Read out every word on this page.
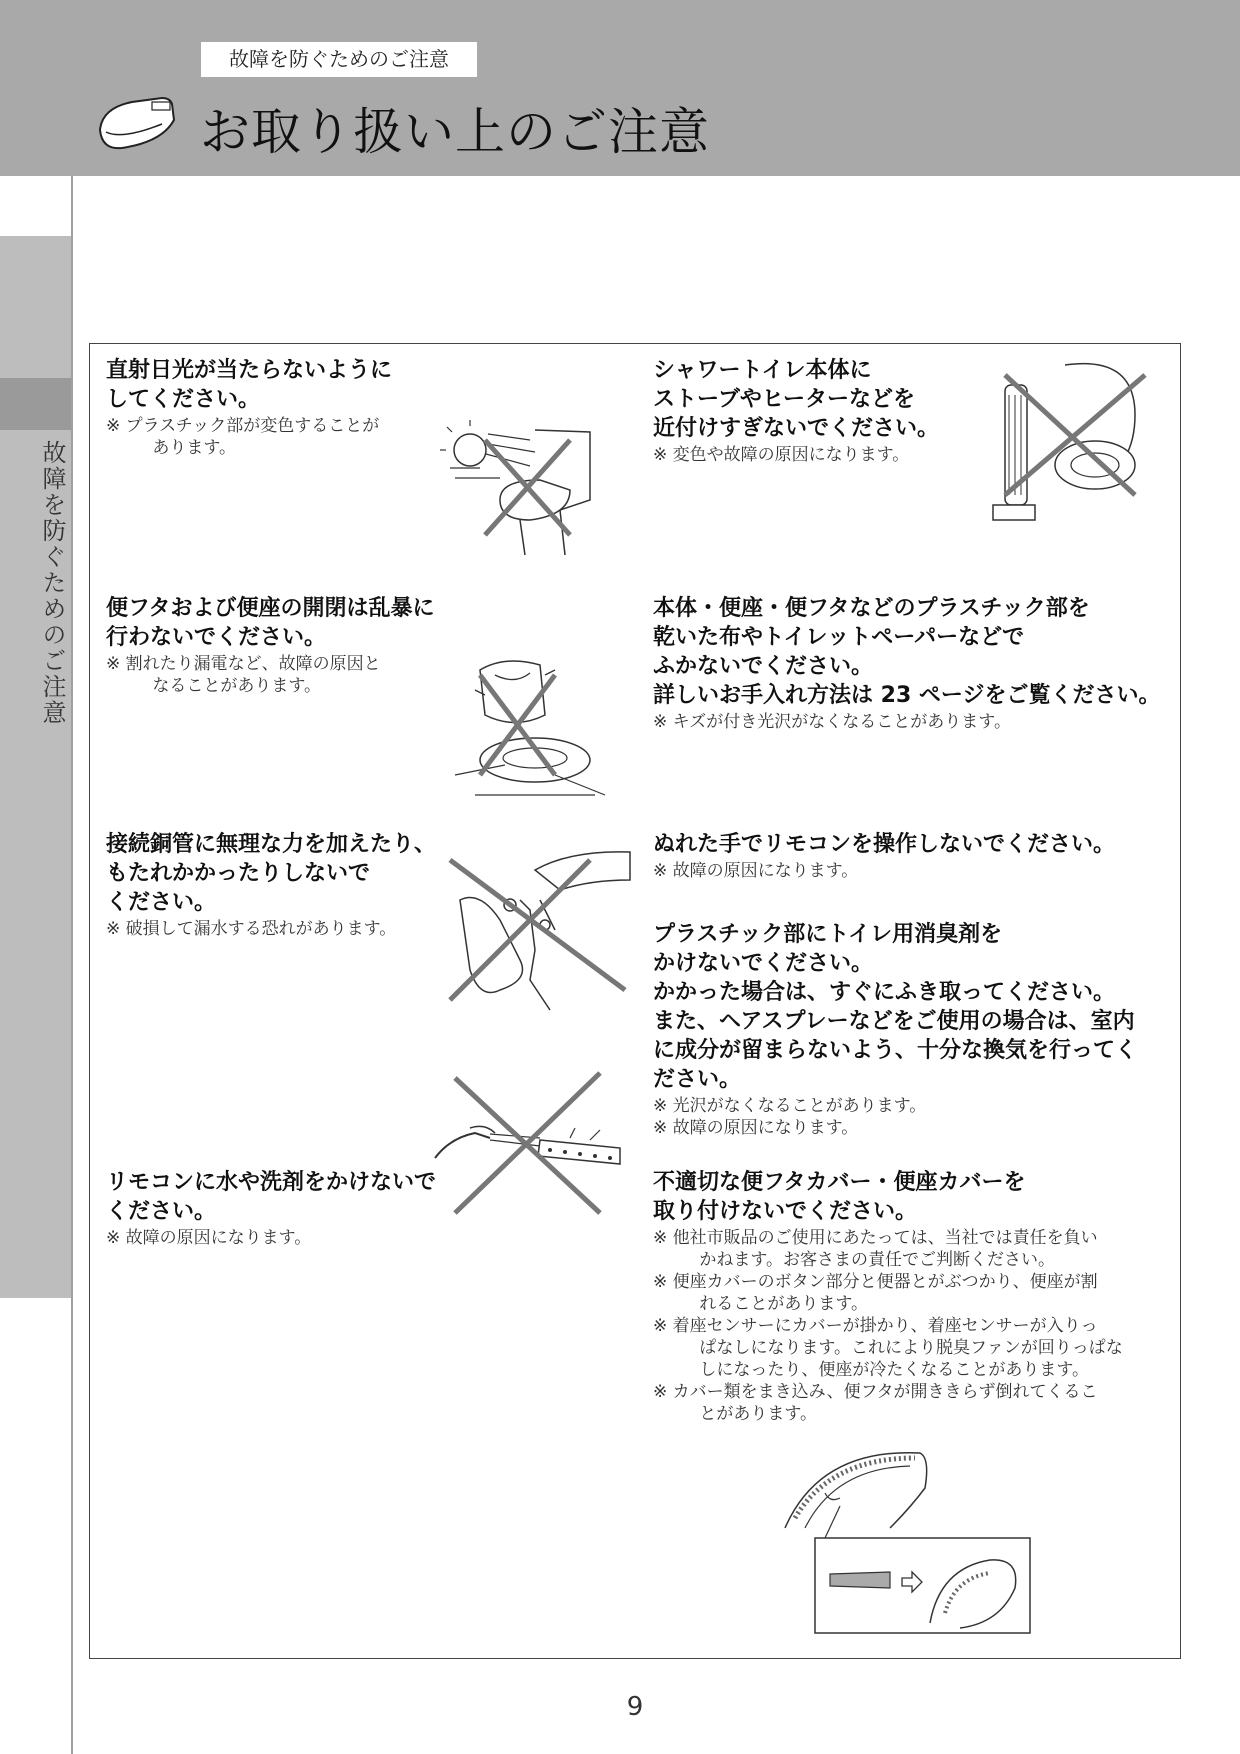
故障を防ぐためのご注意
お取り扱い上のご注意
故障を防ぐためのご注意
直射日光が当たらないように
してください。
※ プラスチック部が変色することが
　 あります。
便フタおよび便座の開閉は乱暴に
行わないでください。
※ 割れたり漏電など、故障の原因と
　 なることがあります。
接続銅管に無理な力を加えたり、
もたれかかったりしないで
ください。
※ 破損して漏水する恐れがあります。
リモコンに水や洗剤をかけないで
ください。
※ 故障の原因になります。
シャワートイレ本体に
ストーブやヒーターなどを
近付けすぎないでください。
※ 変色や故障の原因になります。
本体・便座・便フタなどのプラスチック部を
乾いた布やトイレットペーパーなどで
ふかないでください。
詳しいお手入れ方法は 23 ページをご覧ください。
※ キズが付き光沢がなくなることがあります。
ぬれた手でリモコンを操作しないでください。
※ 故障の原因になります。
プラスチック部にトイレ用消臭剤を
かけないでください。
かかった場合は、すぐにふき取ってください。
また、ヘアスプレーなどをご使用の場合は、室内
に成分が留まらないよう、十分な換気を行ってく
ださい。
※ 光沢がなくなることがあります。
※ 故障の原因になります。
不適切な便フタカバー・便座カバーを
取り付けないでください。
※ 他社市販品のご使用にあたっては、当社では責任を負い
　 かねます。お客さまの責任でご判断ください。
※ 便座カバーのボタン部分と便器とがぶつかり、便座が割
　 れることがあります。
※ 着座センサーにカバーが掛かり、着座センサーが入りっ
　 ぱなしになります。これにより脱臭ファンが回りっぱな
　 しになったり、便座が冷たくなることがあります。
※ カバー類をまき込み、便フタが開ききらず倒れてくるこ
　 とがあります。
9
